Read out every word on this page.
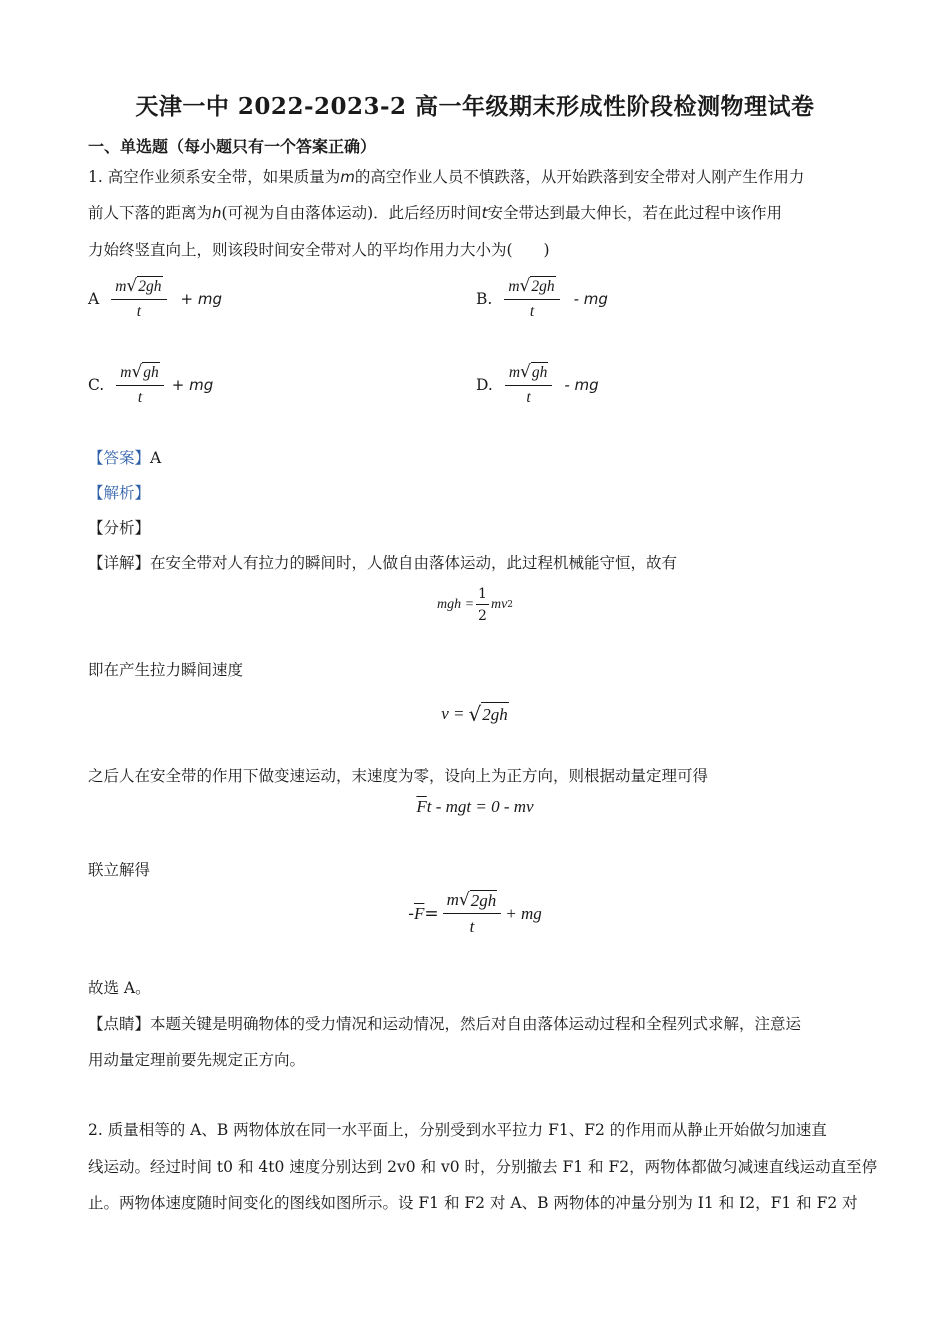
天津一中 2022-2023-2 高一年级期末形成性阶段检测物理试卷
一、单选题（每小题只有一个答案正确）
1. 高空作业须系安全带，如果质量为m的高空作业人员不慎跌落，从开始跌落到安全带对人刚产生作用力
前人下落的距离为h(可视为自由落体运动)．此后经历时间t安全带达到最大伸长，若在此过程中该作用
力始终竖直向上，则该段时间安全带对人的平均作用力大小为(　　)
A $\frac{m √ 2gh}{t}$ + mg	B. $\frac{m √ 2gh}{t}$ - mg
C. $\frac{m √ gh}{t}$ + mg	D. $\frac{m √ gh}{t}$ - mg
【答案】A
【解析】
【分析】
【详解】在安全带对人有拉力的瞬间时，人做自由落体运动，此过程机械能守恒，故有
mgh = $\frac{1}{2}$ mv 2
即在产生拉力瞬间速度
v = √ 2gh
之后人在安全带的作用下做变速运动，末速度为零，设向上为正方向，则根据动量定理可得
$\overline{F}$ t - mgt = 0 - mv
联立解得
- $\overline{F} = \frac{m √ 2gh}{t}$ + mg
故选 A。
【点睛】本题关键是明确物体的受力情况和运动情况，然后对自由落体运动过程和全程列式求解，注意运
用动量定理前要先规定正方向。
2. 质量相等的 A、B 两物体放在同一水平面上，分别受到水平拉力 F1、F2 的作用而从静止开始做匀加速直
线运动。经过时间 t0 和 4t0 速度分别达到 2v0 和 v0 时，分别撤去 F1 和 F2，两物体都做匀减速直线运动直至停
止。两物体速度随时间变化的图线如图所示。设 F1 和 F2 对 A、B 两物体的冲量分别为 I1 和 I2，F1 和 F2 对
